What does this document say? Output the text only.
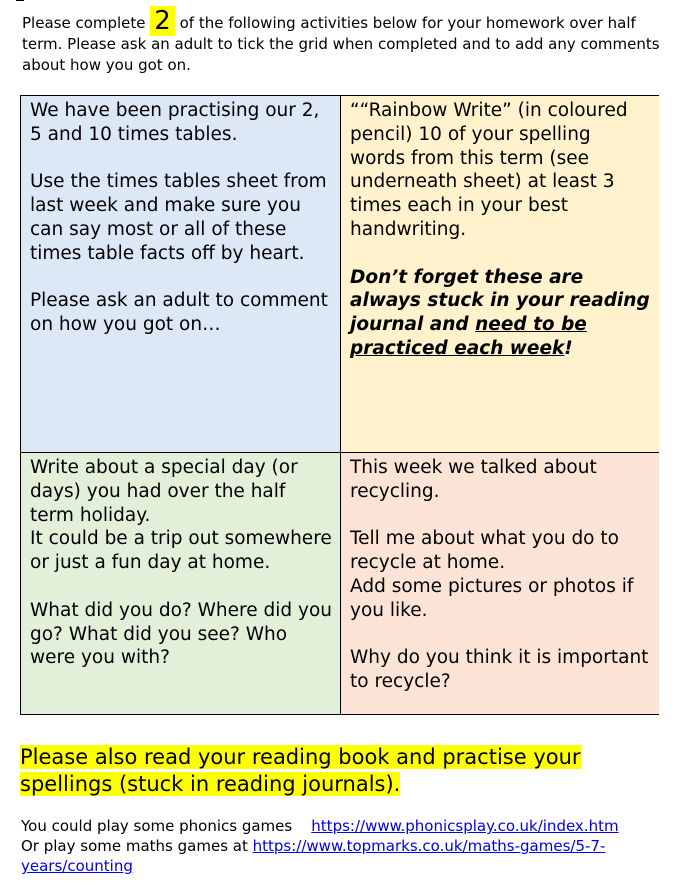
Please complete 2 of the following activities below for your homework over half term. Please ask an adult to tick the grid when completed and to add any comments about how you got on.

We have been practising our 2, 5 and 10 times tables.

Use the times tables sheet from last week and make sure you can say most or all of these times table facts off by heart.

Please ask an adult to comment on how you got on…

““Rainbow Write” (in coloured pencil) 10 of your spelling words from this term (see underneath sheet) at least 3 times each in your best handwriting.

Don’t forget these are always stuck in your reading journal and need to be practiced each week!

Write about a special day (or days) you had over the half term holiday.

It could be a trip out somewhere or just a fun day at home.

What did you do? Where did you go? What did you see? Who were you with?

This week we talked about recycling.

Tell me about what you do to recycle at home.

Add some pictures or photos if you like.

Why do you think it is important to recycle?

Please also read your reading book and practise your spellings (stuck in reading journals).
You could play some phonics games https://www.phonicsplay.co.uk/index.htm
Or play some maths games at https://www.topmarks.co.uk/maths-games/5-7-years/counting
